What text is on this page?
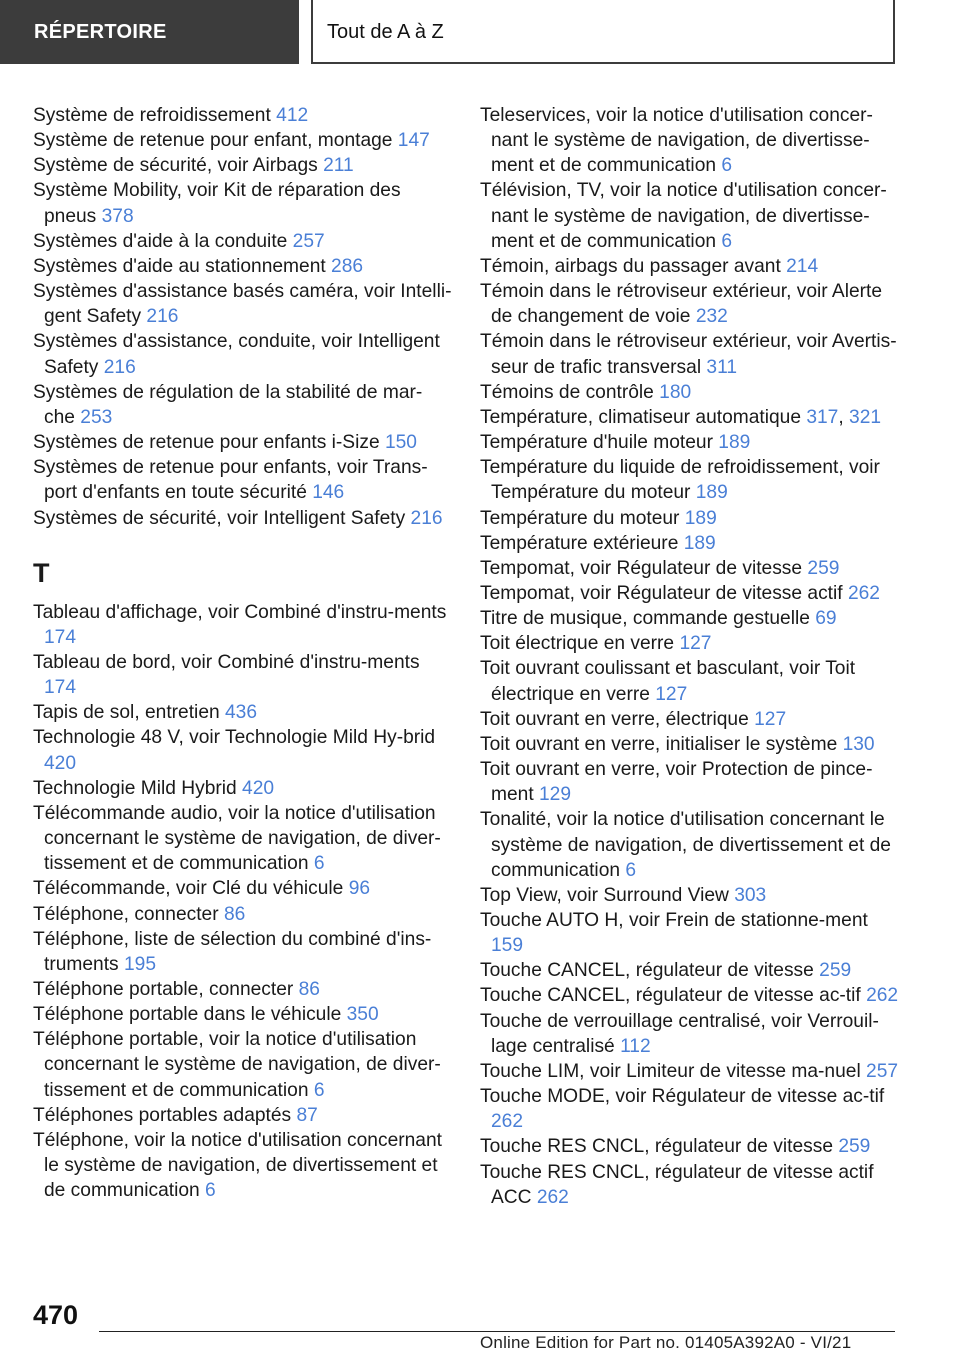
RÉPERTOIRE	Tout de A à Z

Système de refroidissement 412

Système de retenue pour enfant, montage 147

Système de sécurité, voir Airbags 211

Système Mobility, voir Kit de réparation des pneus 378

Systèmes d'aide à la conduite 257

Systèmes d'aide au stationnement 286

Systèmes d'assistance basés caméra, voir Intelli-gent Safety 216

Systèmes d'assistance, conduite, voir Intelligent Safety 216

Systèmes de régulation de la stabilité de mar-che 253

Systèmes de retenue pour enfants i-Size 150

Systèmes de retenue pour enfants, voir Trans-port d'enfants en toute sécurité 146

Systèmes de sécurité, voir Intelligent Safety 216

T

Tableau d'affichage, voir Combiné d'instru-ments 174

Tableau de bord, voir Combiné d'instru-ments 174

Tapis de sol, entretien 436

Technologie 48 V, voir Technologie Mild Hy-brid 420

Technologie Mild Hybrid 420

Télécommande audio, voir la notice d'utilisation concernant le système de navigation, de diver-tissement et de communication 6

Télécommande, voir Clé du véhicule 96

Téléphone, connecter 86

Téléphone, liste de sélection du combiné d'ins-truments 195

Téléphone portable, connecter 86

Téléphone portable dans le véhicule 350

Téléphone portable, voir la notice d'utilisation concernant le système de navigation, de diver-tissement et de communication 6

Téléphones portables adaptés 87

Téléphone, voir la notice d'utilisation concernant le système de navigation, de divertissement et de communication 6

Teleservices, voir la notice d'utilisation concer-nant le système de navigation, de divertisse-ment et de communication 6

Télévision, TV, voir la notice d'utilisation concer-nant le système de navigation, de divertisse-ment et de communication 6

Témoin, airbags du passager avant 214

Témoin dans le rétroviseur extérieur, voir Alerte de changement de voie 232

Témoin dans le rétroviseur extérieur, voir Avertis-seur de trafic transversal 311

Témoins de contrôle 180

Température, climatiseur automatique 317, 321

Température d'huile moteur 189

Température du liquide de refroidissement, voir Température du moteur 189

Température du moteur 189

Température extérieure 189

Tempomat, voir Régulateur de vitesse 259

Tempomat, voir Régulateur de vitesse actif 262

Titre de musique, commande gestuelle 69

Toit électrique en verre 127

Toit ouvrant coulissant et basculant, voir Toit électrique en verre 127

Toit ouvrant en verre, électrique 127

Toit ouvrant en verre, initialiser le système 130

Toit ouvrant en verre, voir Protection de pince-ment 129

Tonalité, voir la notice d'utilisation concernant le système de navigation, de divertissement et de communication 6

Top View, voir Surround View 303

Touche AUTO H, voir Frein de stationne-ment 159

Touche CANCEL, régulateur de vitesse 259

Touche CANCEL, régulateur de vitesse ac-tif 262

Touche de verrouillage centralisé, voir Verrouil-lage centralisé 112

Touche LIM, voir Limiteur de vitesse ma-nuel 257

Touche MODE, voir Régulateur de vitesse ac-tif 262

Touche RES CNCL, régulateur de vitesse 259

Touche RES CNCL, régulateur de vitesse actif ACC 262

470
Online Edition for Part no. 01405A392A0 - VI/21
